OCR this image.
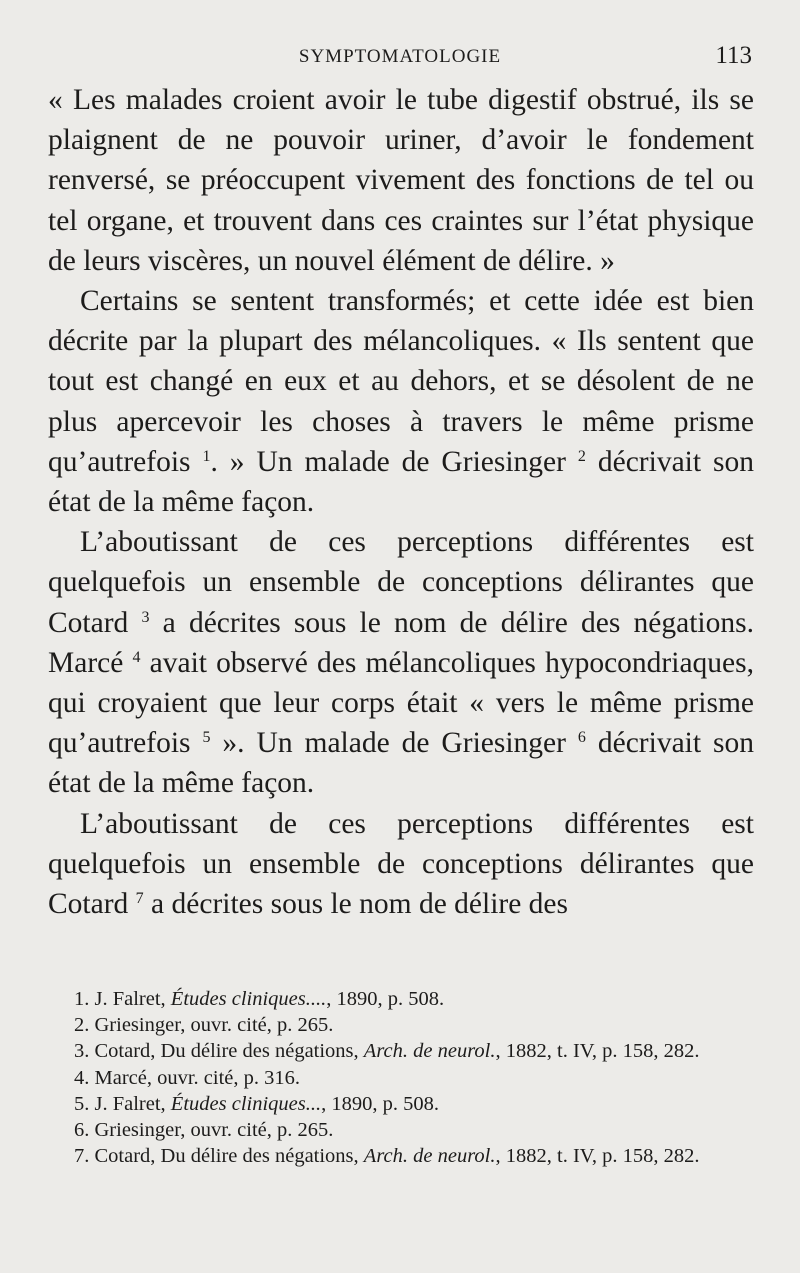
SYMPTOMATOLOGIE	113

« Les malades croient avoir le tube digestif obstrué, ils se plaignent de ne pouvoir uriner, d’avoir le fondement renversé, se préoccupent vivement des fonctions de tel ou tel organe, et trouvent dans ces craintes sur l’état physique de leurs viscères, un nouvel élément de délire. »

Certains se sentent transformés; et cette idée est bien décrite par la plupart des mélancoliques. « Ils sentent que tout est changé en eux et au dehors, et se désolent de ne plus apercevoir les choses à travers le même prisme qu’autrefois $^1$. » Un malade de Griesinger $^2$ décrivait son état de la même façon.

L’aboutissant de ces perceptions différentes est quelquefois un ensemble de conceptions délirantes que Cotard $^3$ a décrites sous le nom de délire des négations. Marcé $^4$ avait observé des mélancoliques hypocondriaques, qui croyaient que leur corps était « vers le même prisme qu’autrefois $^5$ ». Un malade de Griesinger $^6$ décrivait son état de la même façon.

L’aboutissant de ces perceptions différentes est quelquefois un ensemble de conceptions délirantes que Cotard $^7$ a décrites sous le nom de délire des

1. J. Falret, Études cliniques...., 1890, p. 508.

2. Griesinger, ouvr. cité, p. 265.

3. Cotard, Du délire des négations, Arch. de neurol., 1882, t. IV, p. 158, 282.

4. Marcé, ouvr. cité, p. 316.

5. J. Falret, Études cliniques..., 1890, p. 508.

6. Griesinger, ouvr. cité, p. 265.

7. Cotard, Du délire des négations, Arch. de neurol., 1882, t. IV, p. 158, 282.
